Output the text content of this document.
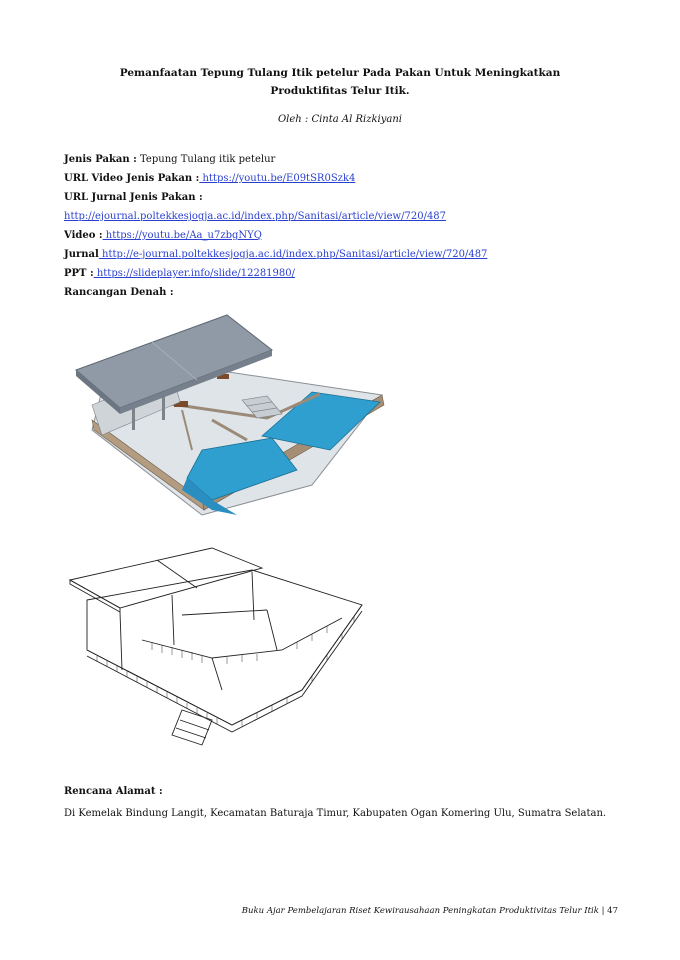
Pemanfaatan Tepung Tulang Itik petelur Pada Pakan Untuk Meningkatkan
Produktifitas Telur Itik.
Oleh : Cinta Al Rizkiyani
Jenis Pakan : Tepung Tulang itik petelur
URL Video Jenis Pakan : https://youtu.be/E09tSR0Szk4
URL Jurnal Jenis Pakan :
http://ejournal.poltekkesjogja.ac.id/index.php/Sanitasi/article/view/720/487
Video : https://youtu.be/Aa_u7zbgNYQ
Jurnal http://e-journal.poltekkesjogja.ac.id/index.php/Sanitasi/article/view/720/487
PPT : https://slideplayer.info/slide/12281980/
Rancangan Denah :
Rencana Alamat :
Di Kemelak Bindung Langit, Kecamatan Baturaja Timur, Kabupaten Ogan Komering Ulu, Sumatra Selatan.
Buku Ajar Pembelajaran Riset Kewirausahaan Peningkatan Produktivitas Telur Itik | 47
